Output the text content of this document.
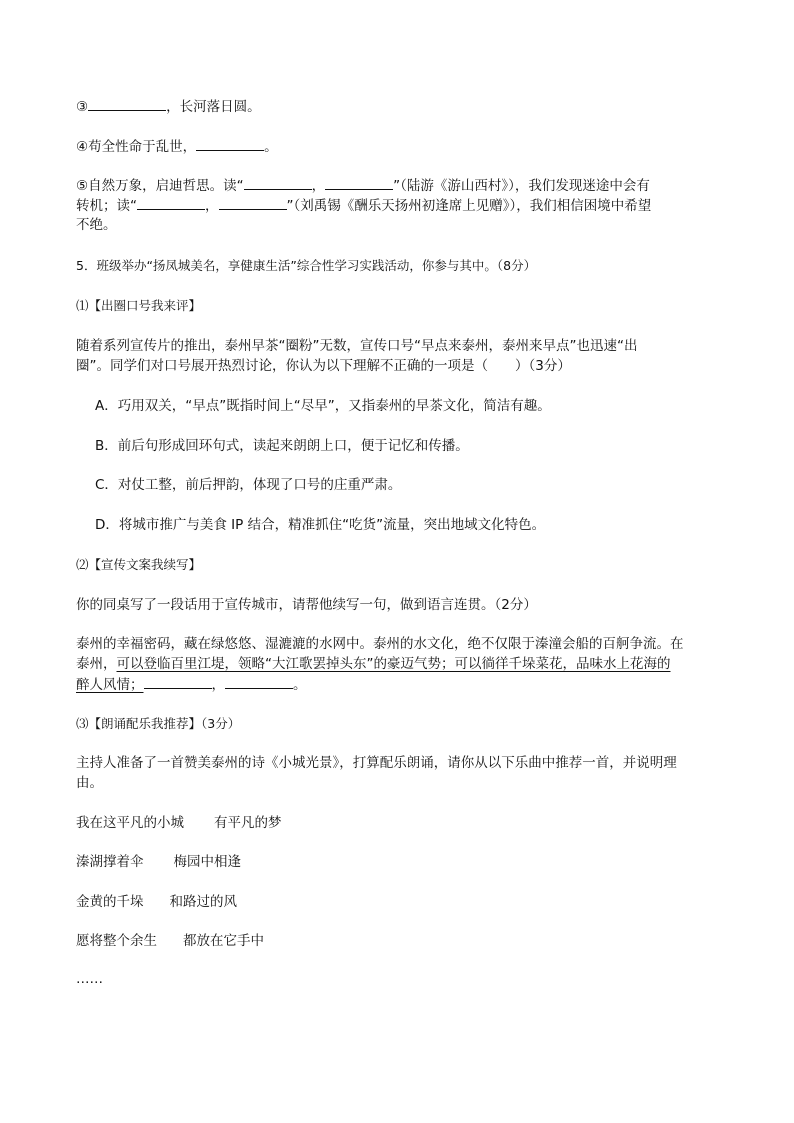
③	，长河落日圆。
④苟全性命于乱世，	。
⑤自然万象，启迪哲思。读“	，	”（陆游《游山西村》），我们发现迷途中会有
转机；读“	，	”（刘禹锡《酬乐天扬州初逢席上见赠》），我们相信困境中希望
不绝。
5．班级举办“扬凤城美名，享健康生活”综合性学习实践活动，你参与其中。（8分）
⑴【出圈口号我来评】
随着系列宣传片的推出，泰州早茶“圈粉”无数，宣传口号“早点来泰州，泰州来早点”也迅速“出
圈”。同学们对口号展开热烈讨论，你认为以下理解不正确的一项是（　　）（3分）
A．巧用双关，“早点”既指时间上“尽早”，又指泰州的早茶文化，简洁有趣。
B．前后句形成回环句式，读起来朗朗上口，便于记忆和传播。
C．对仗工整，前后押韵，体现了口号的庄重严肃。
D．将城市推广与美食 IP 结合，精准抓住“吃货”流量，突出地域文化特色。
⑵【宣传文案我续写】
你的同桌写了一段话用于宣传城市，请帮他续写一句，做到语言连贯。（2分）
泰州的幸福密码，藏在绿悠悠、湿漉漉的水网中。泰州的水文化，绝不仅限于溱潼会船的百舸争流。在
泰州，可以登临百里江堤，领略“大江歌罢掉头东”的豪迈气势；可以徜徉千垛菜花，品味水上花海的
醉人风情；	，	。
⑶【朗诵配乐我推荐】（3分）
主持人准备了一首赞美泰州的诗《小城光景》，打算配乐朗诵，请你从以下乐曲中推荐一首，并说明理
由。
我在这平凡的小城 有平凡的梦
溱湖撑着伞 梅园中相逢
金黄的千垛 和路过的风
愿将整个余生 都放在它手中
……
